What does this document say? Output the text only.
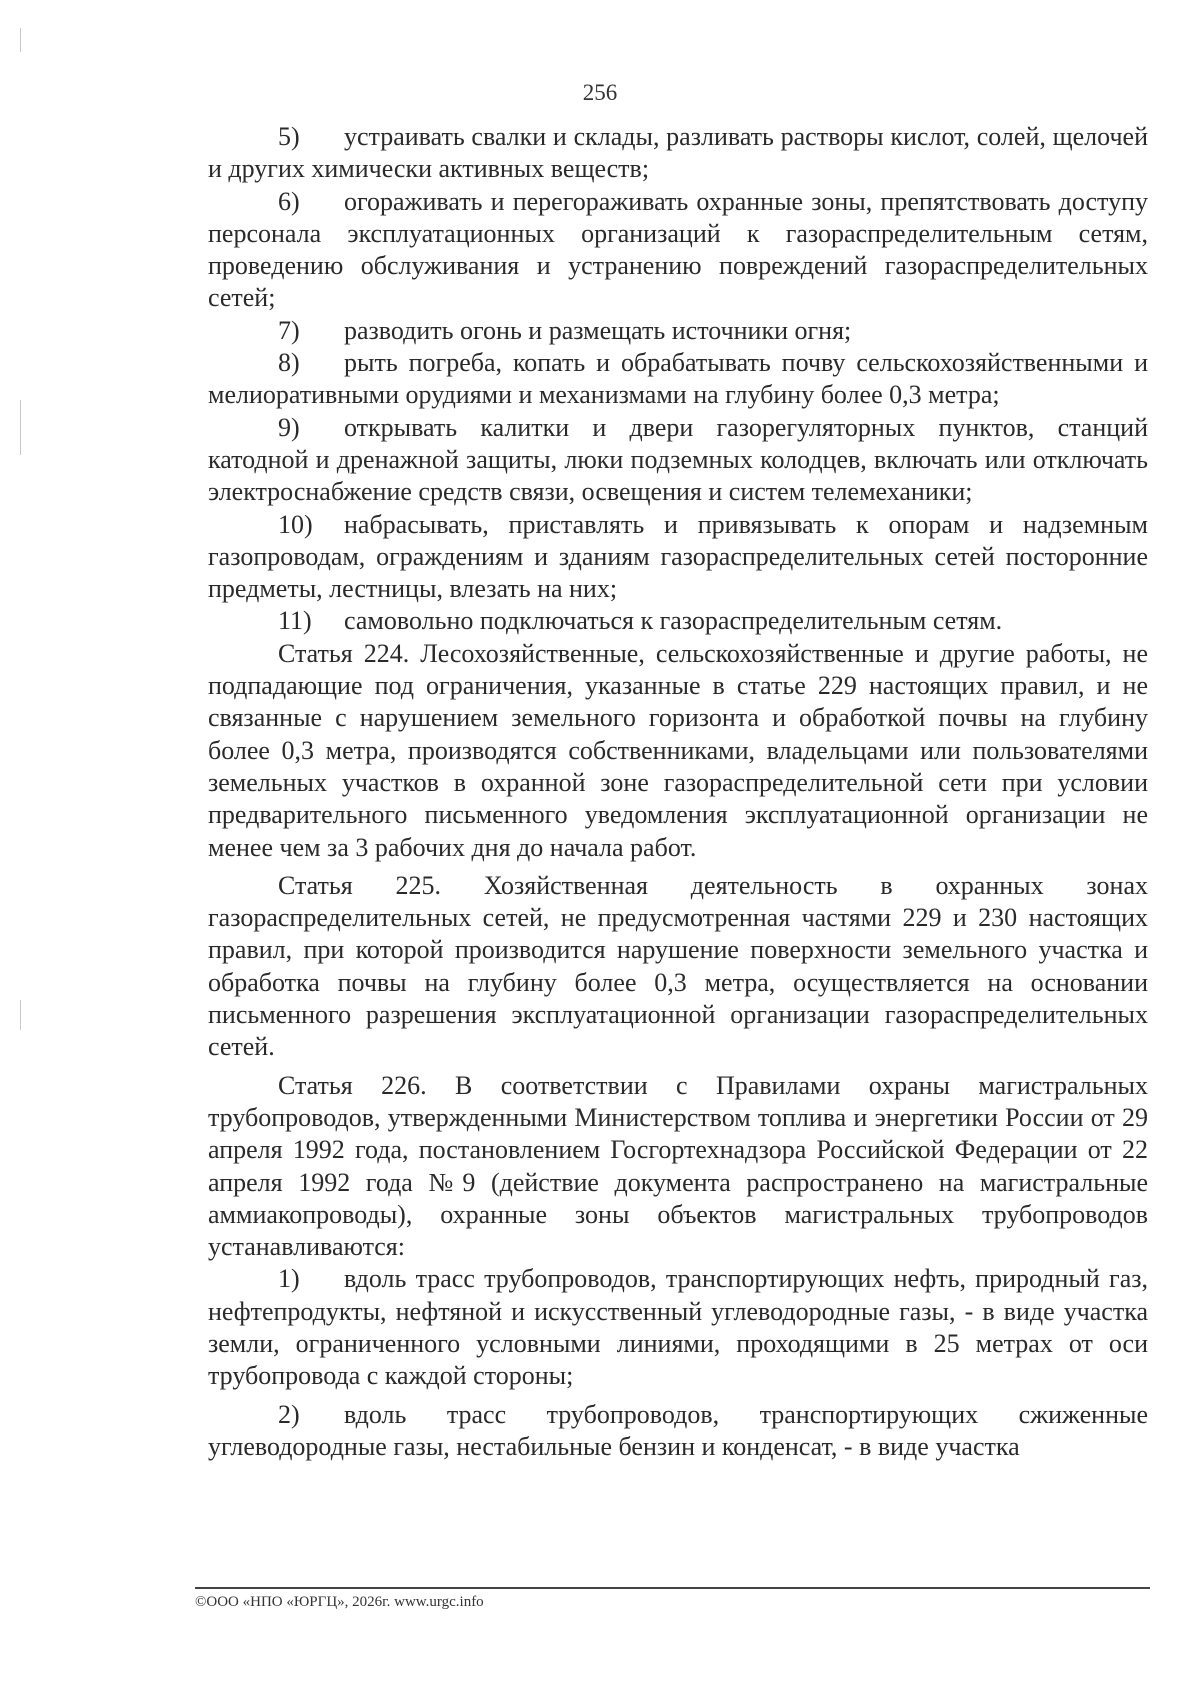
256

5) устраивать свалки и склады, разливать растворы кислот, солей, щелочей и других химически активных веществ;

6) огораживать и перегораживать охранные зоны, препятствовать доступу персонала эксплуатационных организаций к газораспределительным сетям, проведению обслуживания и устранению повреждений газораспределительных сетей;

7) разводить огонь и размещать источники огня;

8) рыть погреба, копать и обрабатывать почву сельскохозяйственными и мелиоративными орудиями и механизмами на глубину более 0,3 метра;

9) открывать калитки и двери газорегуляторных пунктов, станций катодной и дренажной защиты, люки подземных колодцев, включать или отключать электроснабжение средств связи, освещения и систем телемеханики;

10) набрасывать, приставлять и привязывать к опорам и надземным газопроводам, ограждениям и зданиям газораспределительных сетей посторонние предметы, лестницы, влезать на них;

11) самовольно подключаться к газораспределительным сетям.

Статья 224. Лесохозяйственные, сельскохозяйственные и другие работы, не подпадающие под ограничения, указанные в статье 229 настоящих правил, и не связанные с нарушением земельного горизонта и обработкой почвы на глубину более 0,3 метра, производятся собственниками, владельцами или пользователями земельных участков в охранной зоне газораспределительной сети при условии предварительного письменного уведомления эксплуатационной организации не менее чем за 3 рабочих дня до начала работ.

Статья 225. Хозяйственная деятельность в охранных зонах газораспределительных сетей, не предусмотренная частями 229 и 230 настоящих правил, при которой производится нарушение поверхности земельного участка и обработка почвы на глубину более 0,3 метра, осуществляется на основании письменного разрешения эксплуатационной организации газораспределительных сетей.

Статья 226. В соответствии с Правилами охраны магистральных трубопроводов, утвержденными Министерством топлива и энергетики России от 29 апреля 1992 года, постановлением Госгортехнадзора Российской Федерации от 22 апреля 1992 года №9 (действие документа распространено на магистральные аммиакопроводы), охранные зоны объектов магистральных трубопроводов устанавливаются:

1) вдоль трасс трубопроводов, транспортирующих нефть, природный газ, нефтепродукты, нефтяной и искусственный углеводородные газы, - в виде участка земли, ограниченного условными линиями, проходящими в 25 метрах от оси трубопровода с каждой стороны;

2) вдоль трасс трубопроводов, транспортирующих сжиженные углеводородные газы, нестабильные бензин и конденсат, - в виде участка

©ООО «НПО «ЮРГЦ», 2026г. www.urgc.info
